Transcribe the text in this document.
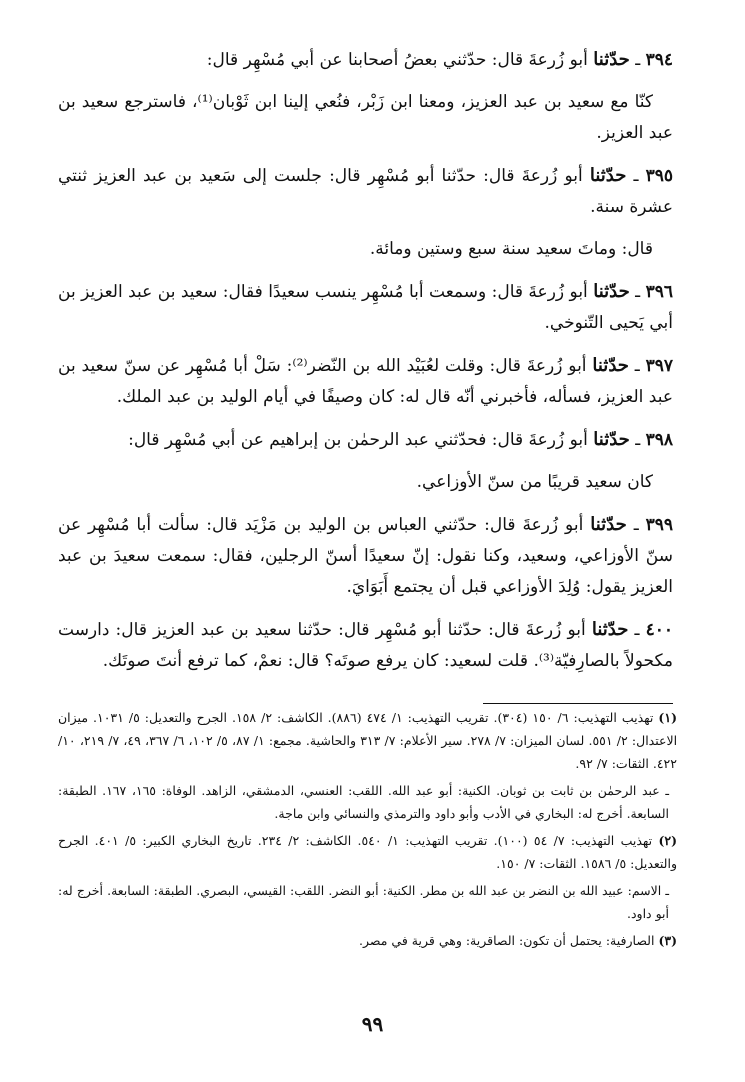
٣٩٤ ـ حدّثنا أبو زُرعةَ قال: حدّثني بعضُ أصحابنا عن أبي مُسْهِر قال:

كنّا مع سعيد بن عبد العزيز، ومعنا ابن زَبْر، فنُعي إلينا ابن ثَوْبان⁽¹⁾، فاسترجع سعيد بن عبد العزيز.

٣٩٥ ـ حدّثنا أبو زُرعةَ قال: حدّثنا أبو مُسْهِر قال: جلست إلى سَعيد بن عبد العزيز ثنتي عشرة سنة.

قال: وماتَ سعيد سنة سبع وستين ومائة.

٣٩٦ ـ حدّثنا أبو زُرعةَ قال: وسمعت أبا مُسْهِر ينسب سعيدًا فقال: سعيد بن عبد العزيز بن أبي يَحيى التّنوخي.

٣٩٧ ـ حدّثنا أبو زُرعةَ قال: وقلت لعُبَيْد الله بن النّضر⁽²⁾: سَلْ أبا مُسْهِر عن سنّ سعيد بن عبد العزيز، فسأله، فأخبرني أنّه قال له: كان وصيفًا في أيام الوليد بن عبد الملك.

٣٩٨ ـ حدّثنا أبو زُرعةَ قال: فحدّثني عبد الرحمٰن بن إبراهيم عن أبي مُسْهِر قال:

كان سعيد قريبًا من سنّ الأوزاعي.

٣٩٩ ـ حدّثنا أبو زُرعةَ قال: حدّثني العباس بن الوليد بن مَزْيَد قال: سألت أبا مُسْهِر عن سنّ الأوزاعي، وسعيد، وكنا نقول: إنّ سعيدًا أسنّ الرجلين، فقال: سمعت سعيدَ بن عبد العزيز يقول: وُلِدَ الأوزاعي قبل أن يجتمع أَبَوَايَ.

٤٠٠ ـ حدّثنا أبو زُرعةَ قال: حدّثنا أبو مُسْهِر قال: حدّثنا سعيد بن عبد العزيز قال: دارست مكحولاً بالصارِفيّة⁽³⁾. قلت لسعيد: كان يرفع صوتَه؟ قال: نعمْ، كما ترفع أنتَ صوتَك.

(١) تهذيب التهذيب: ٦/ ١٥٠ (٣٠٤). تقريب التهذيب: ١/ ٤٧٤ (٨٨٦). الكاشف: ٢/ ١٥٨. الجرح والتعديل: ٥/ ١٠٣١. ميزان الاعتدال: ٢/ ٥٥١. لسان الميزان: ٧/ ٢٧٨. سير الأعلام: ٧/ ٣١٣ والحاشية. مجمع: ١/ ٨٧، ٥/ ١٠٢، ٦/ ٣٦٧، ٤٩، ٧/ ٢١٩، ١٠/ ٤٢٢. الثقات: ٧/ ٩٢.

ـ عبد الرحمٰن بن ثابت بن ثوبان. الكنية: أبو عبد الله. اللقب: العنسي، الدمشقي، الزاهد. الوفاة: ١٦٥، ١٦٧. الطبقة: السابعة. أخرج له: البخاري في الأدب وأبو داود والترمذي والنسائي وابن ماجة.

(٢) تهذيب التهذيب: ٧/ ٥٤ (١٠٠). تقريب التهذيب: ١/ ٥٤٠. الكاشف: ٢/ ٢٣٤. تاريخ البخاري الكبير: ٥/ ٤٠١. الجرح والتعديل: ٥/ ١٥٨٦. الثقات: ٧/ ١٥٠.

ـ الاسم: عبيد الله بن النضر بن عبد الله بن مطر. الكنية: أبو النضر. اللقب: القيسي، البصري. الطبقة: السابعة. أخرج له: أبو داود.

(٣) الصارفية: يحتمل أن تكون: الصاقرية: وهي قرية في مصر.

٩٩
